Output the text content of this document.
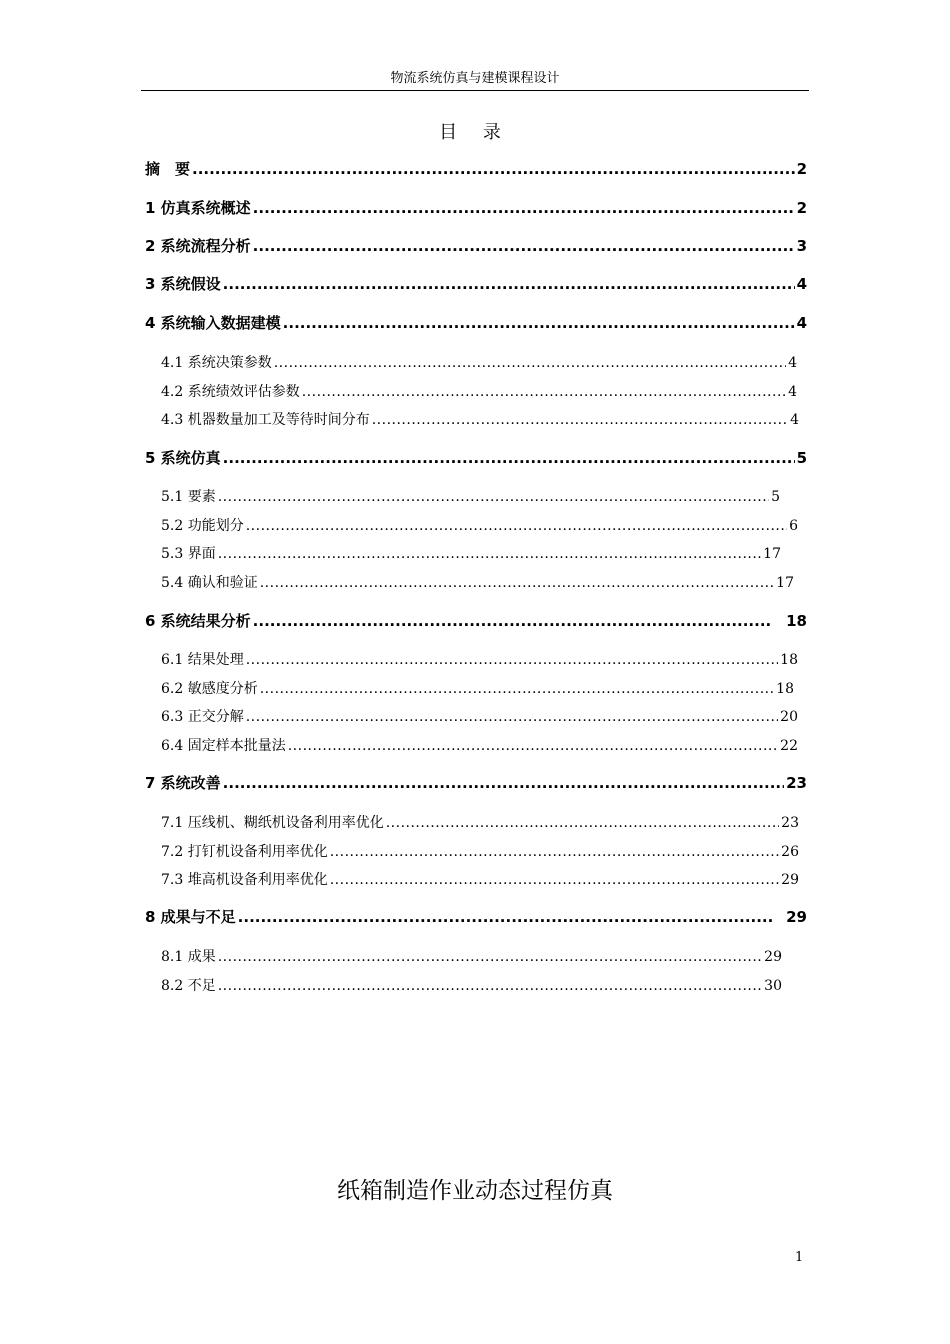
物流系统仿真与建模课程设计
目 录
摘　要 .....	2
1 仿真系统概述 .....	2
2 系统流程分析 .....	3
3 系统假设 .....	4
4 系统输入数据建模 .....	4
4.1 系统决策参数 .....	4
4.2 系统绩效评估参数 .....	4
4.3 机器数量加工及等待时间分布 .....	4
5 系统仿真 .....	5
5.1 要素 .....	5
5.2 功能划分 .....	6
5.3 界面 .....	17
5.4 确认和验证 .....	17
6 系统结果分析 .....	18
6.1 结果处理 .....	18
6.2 敏感度分析 .....	18
6.3 正交分解 .....	20
6.4 固定样本批量法 .....	22
7 系统改善 .....	23
7.1 压线机、糊纸机设备利用率优化 .....	23
7.2 打钉机设备利用率优化 .....	26
7.3 堆高机设备利用率优化 .....	29
8 成果与不足 .....	29
8.1 成果 .....	29
8.2 不足 .....	30
纸箱制造作业动态过程仿真
1
